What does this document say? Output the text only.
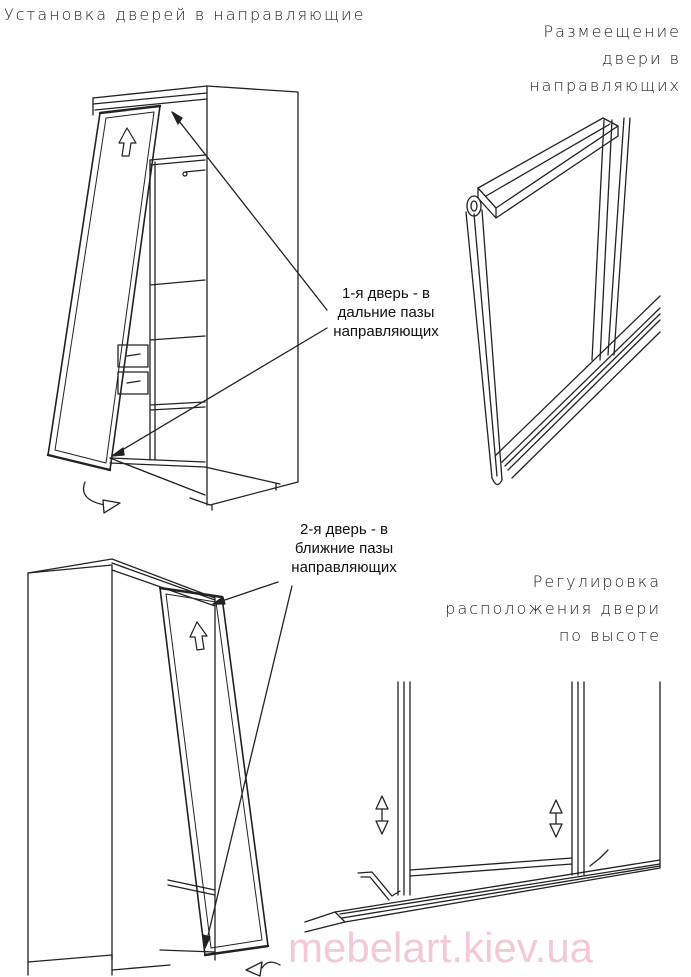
Установка дверей в направляющие
Размеещение
двери в
направляющих
Регулировка
расположения двери
по высоте
1-я дверь - в
дальние пазы
направляющих
2-я дверь - в
ближние пазы
направляющих
mebelart.kiev.ua
